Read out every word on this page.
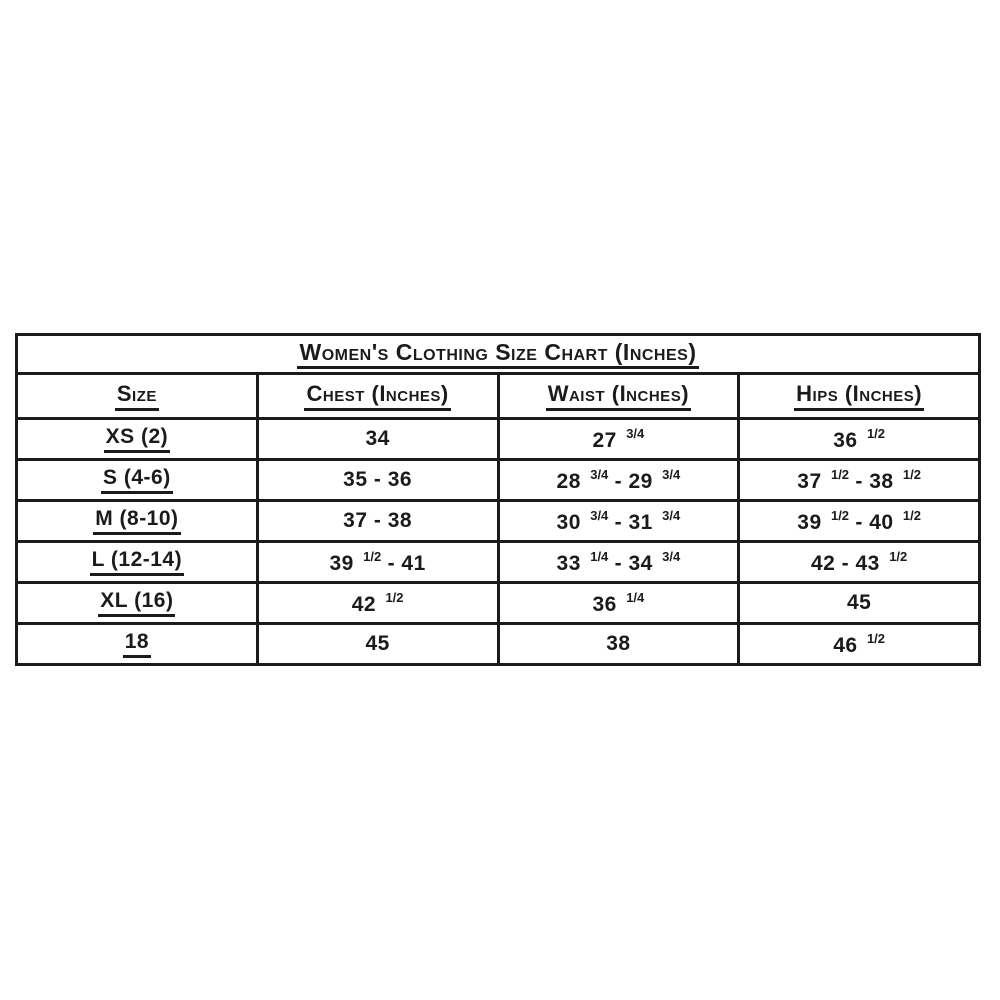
Women's Clothing Size Chart (Inches)			
Size	Chest (Inches)	Waist (Inches)	Hips (Inches)
XS (2)	34	27 $^{3/4}$	36 $^{1/2}$
S (4-6)	35 - 36	28 $^{3/4}$ - 29 $^{3/4}$	37 $^{1/2}$ - 38 $^{1/2}$
M (8-10)	37 - 38	30 $^{3/4}$ - 31 $^{3/4}$	39 $^{1/2}$ - 40 $^{1/2}$
L (12-14)	39 $^{1/2}$ - 41	33 $^{1/4}$ - 34 $^{3/4}$	42 - 43 $^{1/2}$
XL (16)	42 $^{1/2}$	36 $^{1/4}$	45
18	45	38	46 $^{1/2}$
